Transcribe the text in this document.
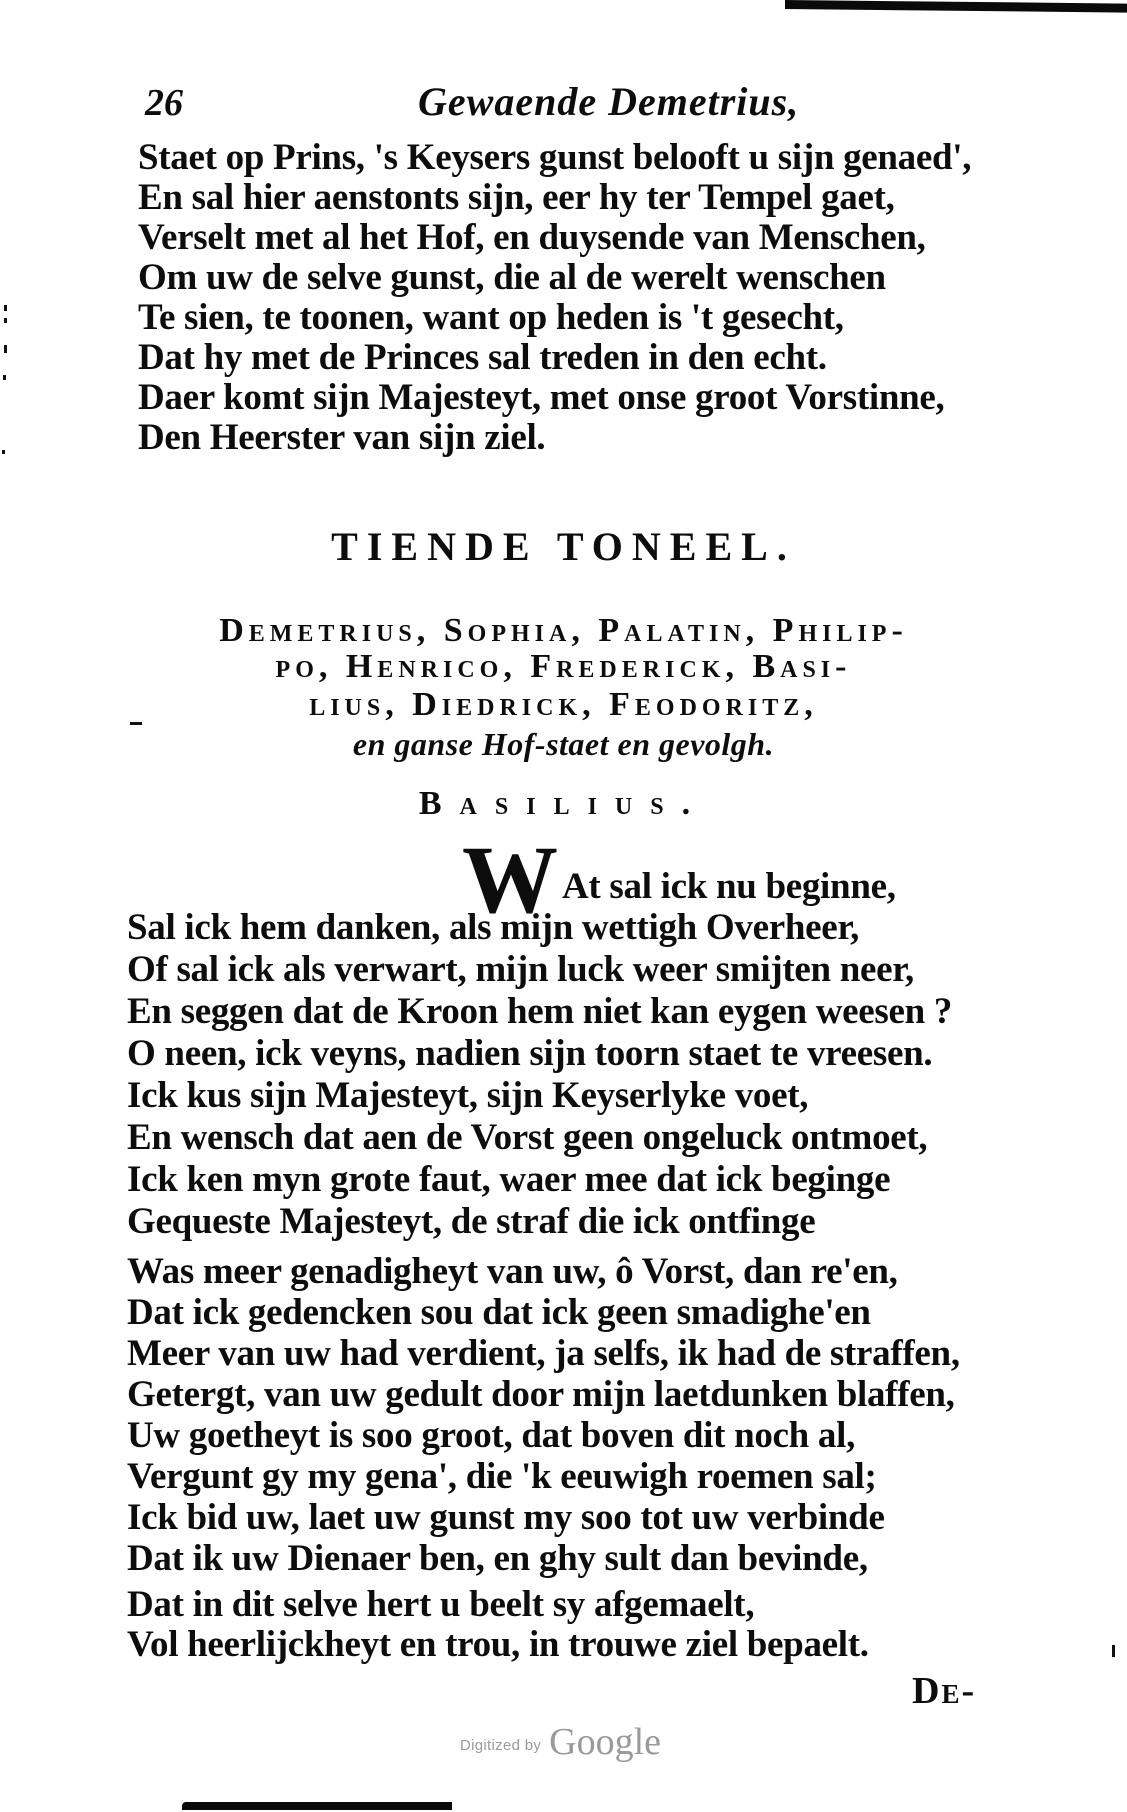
26	Gewaende Demetrius,
Staet op Prins, 's Keysers gunst belooft u sijn genaed',
En sal hier aenstonts sijn, eer hy ter Tempel gaet,
Verselt met al het Hof, en duysende van Menschen,
Om uw de selve gunst, die al de werelt wenschen
Te sien, te toonen, want op heden is 't gesecht,
Dat hy met de Princes sal treden in den echt.
Daer komt sijn Majesteyt, met onse groot Vorstinne,
Den Heerster van sijn ziel.
TIENDE TONEEL.
Demetrius, Sophia, Palatin, Philip-
po, Henrico, Frederick, Basi-
lius, Diedrick, Feodoritz,
en ganse Hof-staet en gevolgh.
Basilius.
W At sal ick nu beginne,
Sal ick hem danken, als mijn wettigh Overheer,
Of sal ick als verwart, mijn luck weer smijten neer,
En seggen dat de Kroon hem niet kan eygen weesen ?
O neen, ick veyns, nadien sijn toorn staet te vreesen.
Ick kus sijn Majesteyt, sijn Keyserlyke voet,
En wensch dat aen de Vorst geen ongeluck ontmoet,
Ick ken myn grote faut, waer mee dat ick beginge
Gequeste Majesteyt, de straf die ick ontfinge
Was meer genadigheyt van uw, ô Vorst, dan re'en,
Dat ick gedencken sou dat ick geen smadighe'en
Meer van uw had verdient, ja selfs, ik had de straffen,
Getergt, van uw gedult door mijn laetdunken blaffen,
Uw goetheyt is soo groot, dat boven dit noch al,
Vergunt gy my gena', die 'k eeuwigh roemen sal;
Ick bid uw, laet uw gunst my soo tot uw verbinde
Dat ik uw Dienaer ben, en ghy sult dan bevinde,
Dat in dit selve hert u beelt sy afgemaelt,
Vol heerlijckheyt en trou, in trouwe ziel bepaelt.
De-
Digitized by Google
